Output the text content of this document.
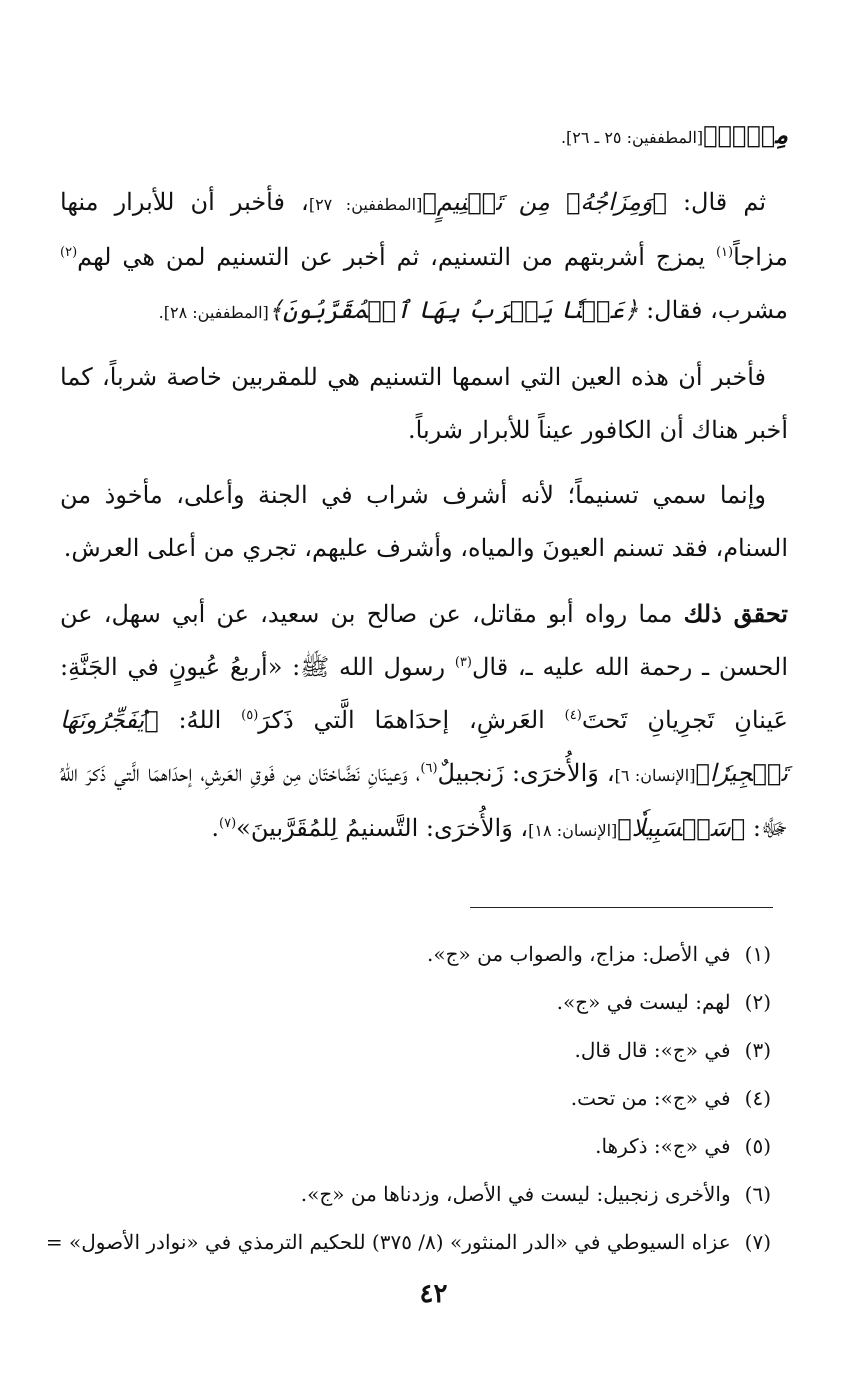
مِسۡكٞۚ[المطففين: ٢٥ ـ ٢٦].

ثم قال: ﴿وَمِزَاجُهُۥ مِن تَسۡنِيمٍ﴾[المطففين: ٢٧]، فأخبر أن للأبرار منها مزاجاً$^{(١)}$ يمزج أشربتهم من التسنيم، ثم أخبر عن التسنيم لمن هي لهم$^{(٢)}$ مشرب، فقال: ﴿عَيۡنٗا يَشۡرَبُ بِهَا ٱلۡمُقَرَّبُونَ﴾[المطففين: ٢٨].

فأخبر أن هذه العين التي اسمها التسنيم هي للمقربين خاصة شرباً، كما أخبر هناك أن الكافور عيناً للأبرار شرباً.

وإنما سمي تسنيماً؛ لأنه أشرف شراب في الجنة وأعلى، مأخوذ من السنام، فقد تسنم العيونَ والمياه، وأشرف عليهم، تجري من أعلى العرش.

تحقق ذلك مما رواه أبو مقاتل، عن صالح بن سعيد، عن أبي سهل، عن الحسن ـ رحمة الله عليه ـ، قال$^{(٣)}$ رسول الله ﷺ: «أربعُ عُيونٍ في الجَنَّةِ: عَينانِ تَجرِيانِ تَحتَ$^{(٤)}$ العَرشِ، إحدَاهمَا الَّتي ذَكرَ$^{(٥)}$ اللهُ: ﴿يُفَجِّرُونَهَا تَفۡجِيرٗا﴾[الإنسان: ٦]، وَالأُخرَى: زَنجبيلٌ$^{(٦)}$، وَعينَانِ نَضَّاختَان مِن فَوقِ العَرشِ، إحدَاهمَا الَّتي ذَكرَ اللهُ ﷻ: ﴿سَلۡسَبِيلٗا﴾[الإنسان: ١٨]، وَالأُخرَى: التَّسنيمُ لِلمُقَرَّبينَ»$^{(٧)}$.

(١)في الأصل: مزاج، والصواب من «ج».
(٢)لهم: ليست في «ج».
(٣)في «ج»: قال قال.
(٤)في «ج»: من تحت.
(٥)في «ج»: ذكرها.
(٦)والأخرى زنجبيل: ليست في الأصل، وزدناها من «ج».
(٧)عزاه السيوطي في «الدر المنثور» (٨/ ٣٧٥) للحكيم الترمذي في «نوادر الأصول» =
٤٢
